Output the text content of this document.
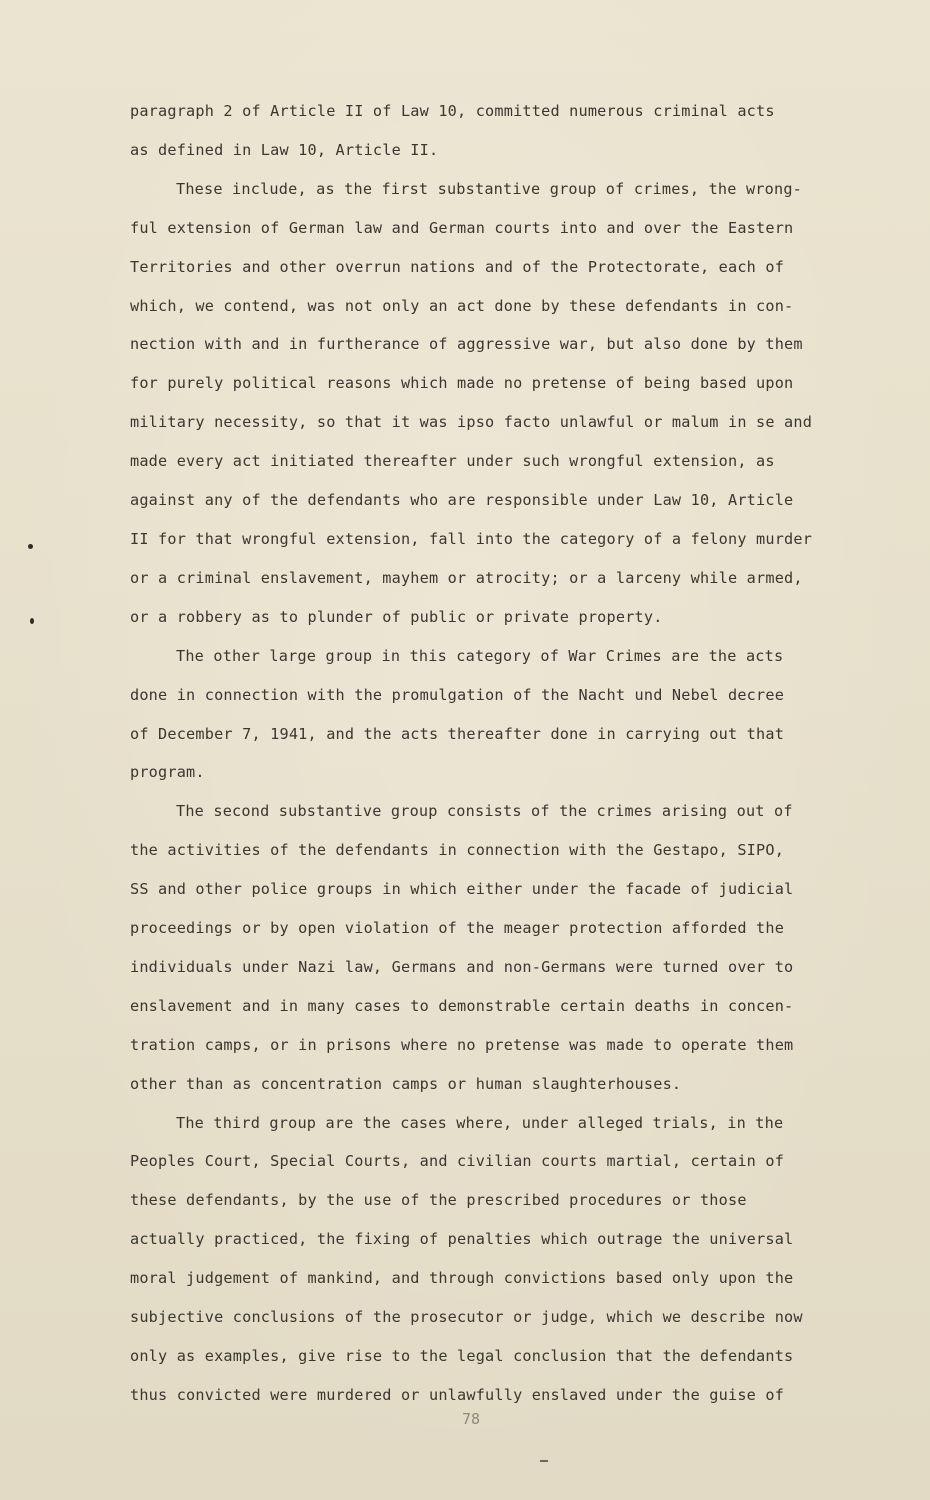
paragraph 2 of Article II of Law 10, committed numerous criminal acts
as defined in Law 10, Article II.

These include, as the first substantive group of crimes, the wrong-
ful extension of German law and German courts into and over the Eastern
Territories and other overrun nations and of the Protectorate, each of
which, we contend, was not only an act done by these defendants in con-
nection with and in furtherance of aggressive war, but also done by them
for purely political reasons which made no pretense of being based upon
military necessity, so that it was ipso facto unlawful or malum in se and
made every act initiated thereafter under such wrongful extension, as
against any of the defendants who are responsible under Law 10, Article
II for that wrongful extension, fall into the category of a felony murder
or a criminal enslavement, mayhem or atrocity; or a larceny while armed,
or a robbery as to plunder of public or private property.

The other large group in this category of War Crimes are the acts
done in connection with the promulgation of the Nacht und Nebel decree
of December 7, 1941, and the acts thereafter done in carrying out that
program.

The second substantive group consists of the crimes arising out of
the activities of the defendants in connection with the Gestapo, SIPO,
SS and other police groups in which either under the facade of judicial
proceedings or by open violation of the meager protection afforded the
individuals under Nazi law, Germans and non-Germans were turned over to
enslavement and in many cases to demonstrable certain deaths in concen-
tration camps, or in prisons where no pretense was made to operate them
other than as concentration camps or human slaughterhouses.

The third group are the cases where, under alleged trials, in the
Peoples Court, Special Courts, and civilian courts martial, certain of
these defendants, by the use of the prescribed procedures or those
actually practiced, the fixing of penalties which outrage the universal
moral judgement of mankind, and through convictions based only upon the
subjective conclusions of the prosecutor or judge, which we describe now
only as examples, give rise to the legal conclusion that the defendants
thus convicted were murdered or unlawfully enslaved under the guise of

78
